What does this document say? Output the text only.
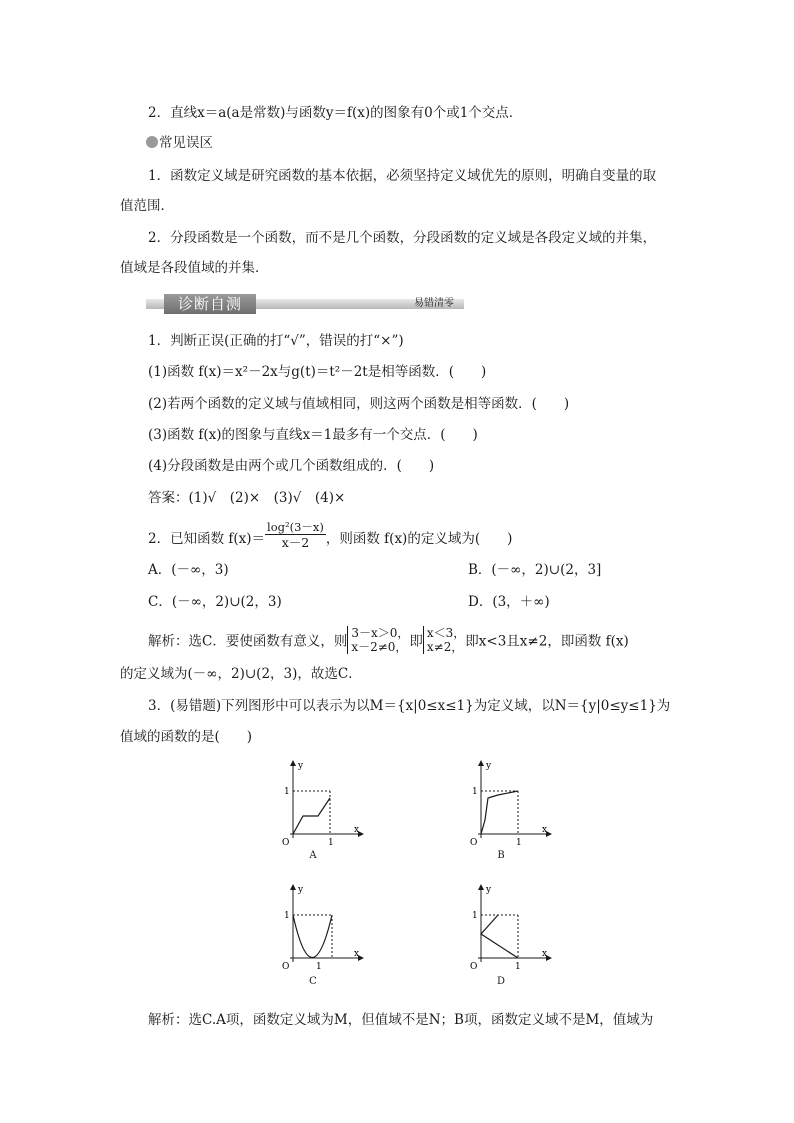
2．直线x＝a(a是常数)与函数y＝f(x)的图象有0个或1个交点．
常见误区
1．函数定义域是研究函数的基本依据，必须坚持定义域优先的原则，明确自变量的取
值范围．
2．分段函数是一个函数，而不是几个函数，分段函数的定义域是各段定义域的并集，
值域是各段值域的并集．
诊断自测	易错清零
1．判断正误(正确的打“√”，错误的打“×”)
(1)函数 f(x)＝x²－2x与g(t)＝t²－2t是相等函数．(　　)
(2)若两个函数的定义域与值域相同，则这两个函数是相等函数．(　　)
(3)函数 f(x)的图象与直线x＝1最多有一个交点．(　　)
(4)分段函数是由两个或几个函数组成的．(　　)
答案：(1)√　(2)×　(3)√　(4)×
2．已知函数 $f(x)= \frac{\text{log²(3－x)}}{x-2}$ ，则函数 f(x)的定义域为(　　)
A．(－∞，3)	B．(－∞，2)∪(2，3]
C．(－∞，2)∪(2，3)	D．(3，＋∞)
解析：选C．要使函数有意义，则
3－x＞0，
x－2≠0， 即
x＜3，
x≠2， 即x<3且x≠2，即函数 f(x)
的定义域为(－∞，2)∪(2，3)，故选C．
3．(易错题)下列图形中可以表示为以M＝{x|0≤x≤1}为定义域，以N＝{y|0≤y≤1}为
值域的函数的是(　　)
y
x
O
1
1
A
y
x
O
1
1
B
y
x
O
1
1
C
y
x
O
1
1
D
解析：选C.A项，函数定义域为M，但值域不是N；B项，函数定义域不是M，值域为
